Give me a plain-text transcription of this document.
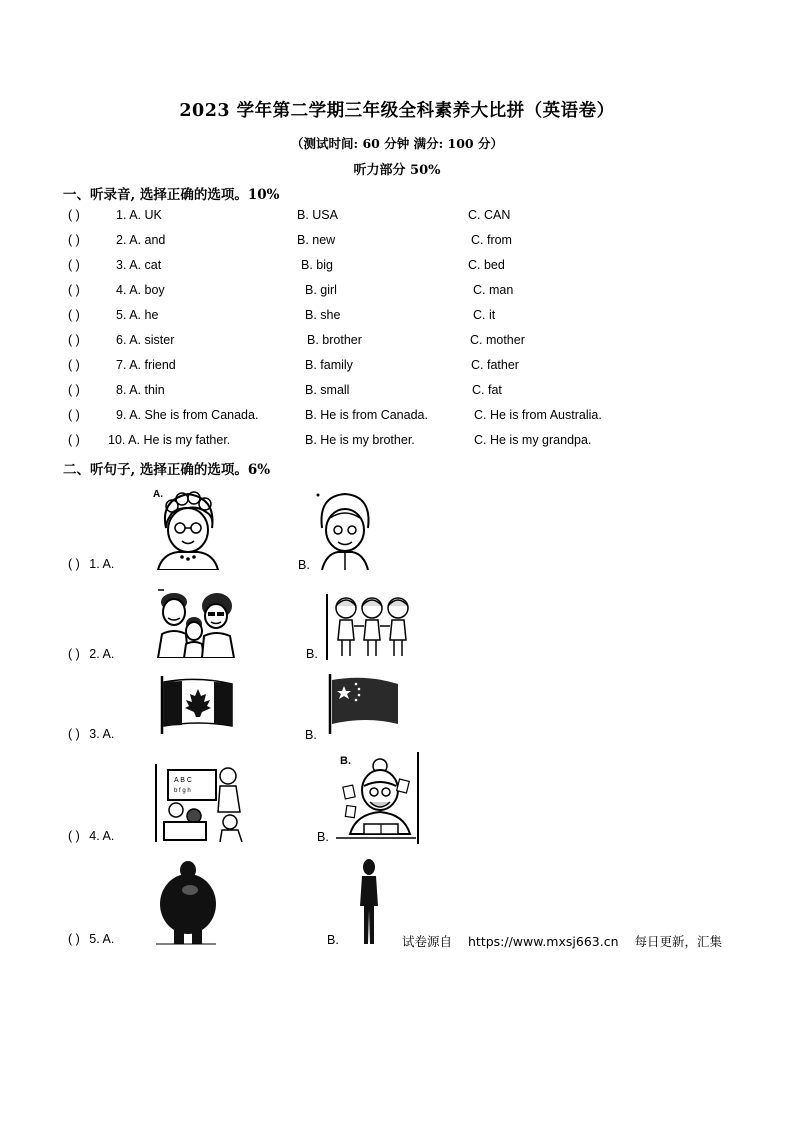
2023 学年第二学期三年级全科素养大比拼（英语卷）
（测试时间: 60 分钟 满分: 100 分）
听力部分 50%
一、听录音, 选择正确的选项。10%
( )	1. A. UK	B. USA	C. CAN
( )	2. A. and	B. new	C. from
( )	3. A. cat	B. big	C. bed
( )	4. A. boy	B. girl	C. man
( )	5. A. he	B. she	C. it
( )	6. A. sister	B. brother	C. mother
( )	7. A. friend	B. family	C. father
( )	8. A. thin	B. small	C. fat
( )	9. A. She is from Canada.	B. He is from Canada.	C. He is from Australia.
( ) 10. A. He is my father.	B. He is my brother.	C. He is my grandpa.
二、听句子, 选择正确的选项。6%
( ) 1. A.	B.
( ) 2. A.	B.
( ) 3. A.	B.
( ) 4. A.	B.
( ) 5. A.	B.
A.
A B C
b f g h
B.
试卷源自 https://www.mxsj663.cn 每日更新，汇集
